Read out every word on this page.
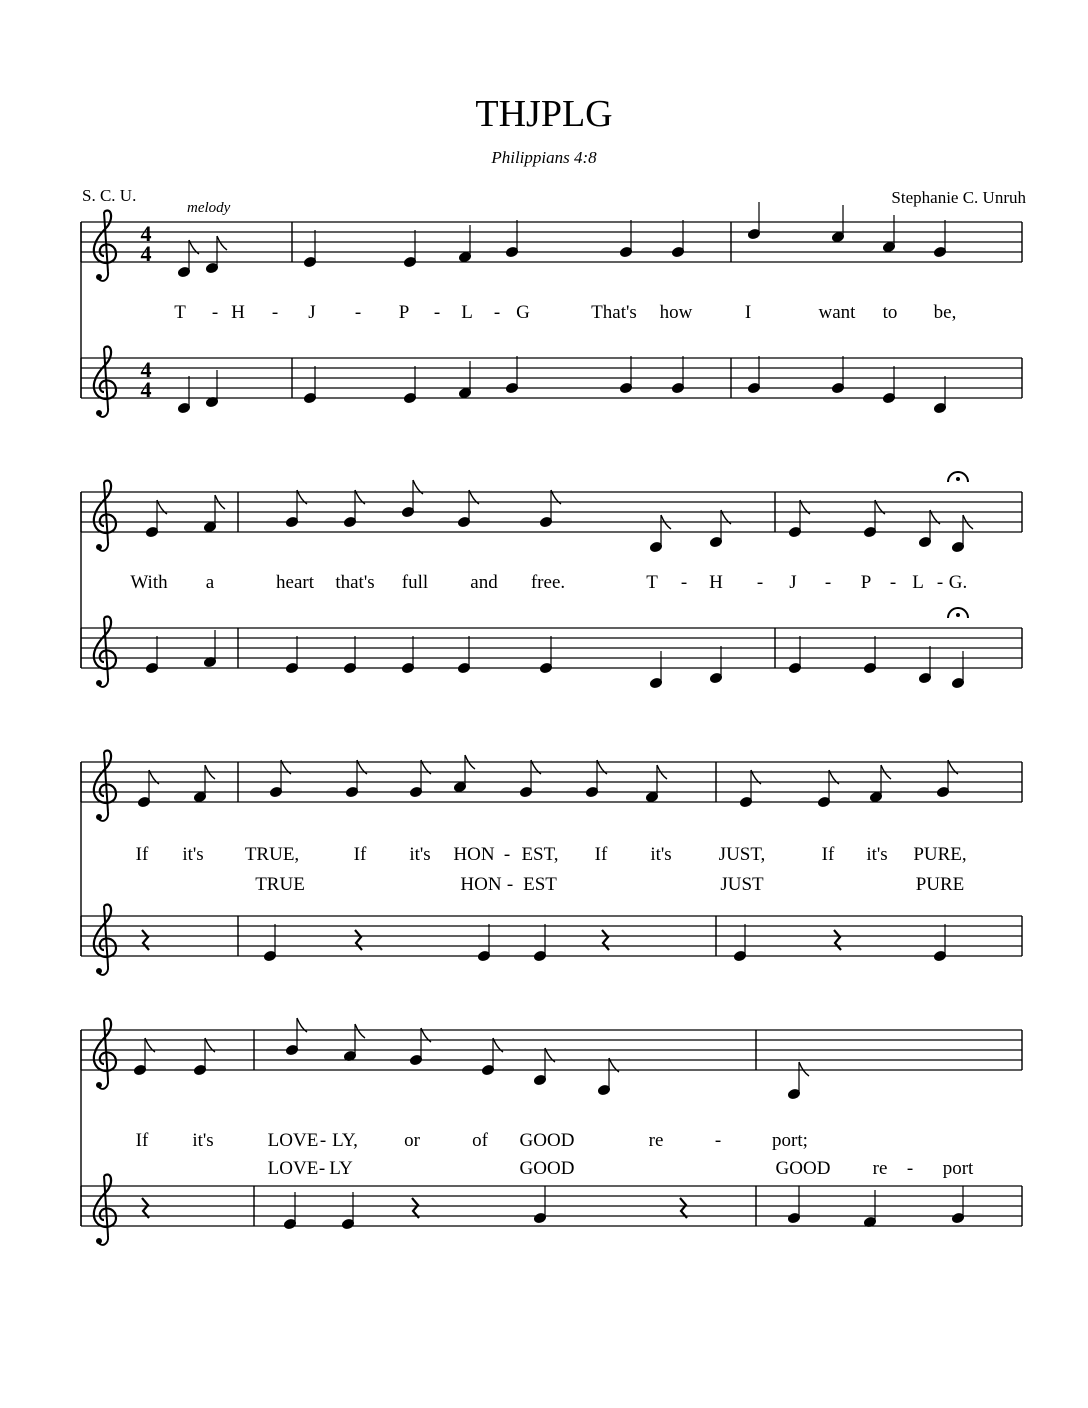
THJPLG
Philippians 4:8
S. C. U.	Stephanie C. Unruh
melody
4
4
4
4
T - H - J - P - L - G	That's how	I	want to be,
With a	heart that's full and free.	T - H - J - P - L - G.
If it's TRUE,	If it's HON - EST, If it's JUST,	If it's PURE,
TRUE	HON - EST	JUST	PURE
If it's	LOVE - LY, or	of GOOD	re	-	port;
LOVE - LY	GOOD	GOOD re - port
